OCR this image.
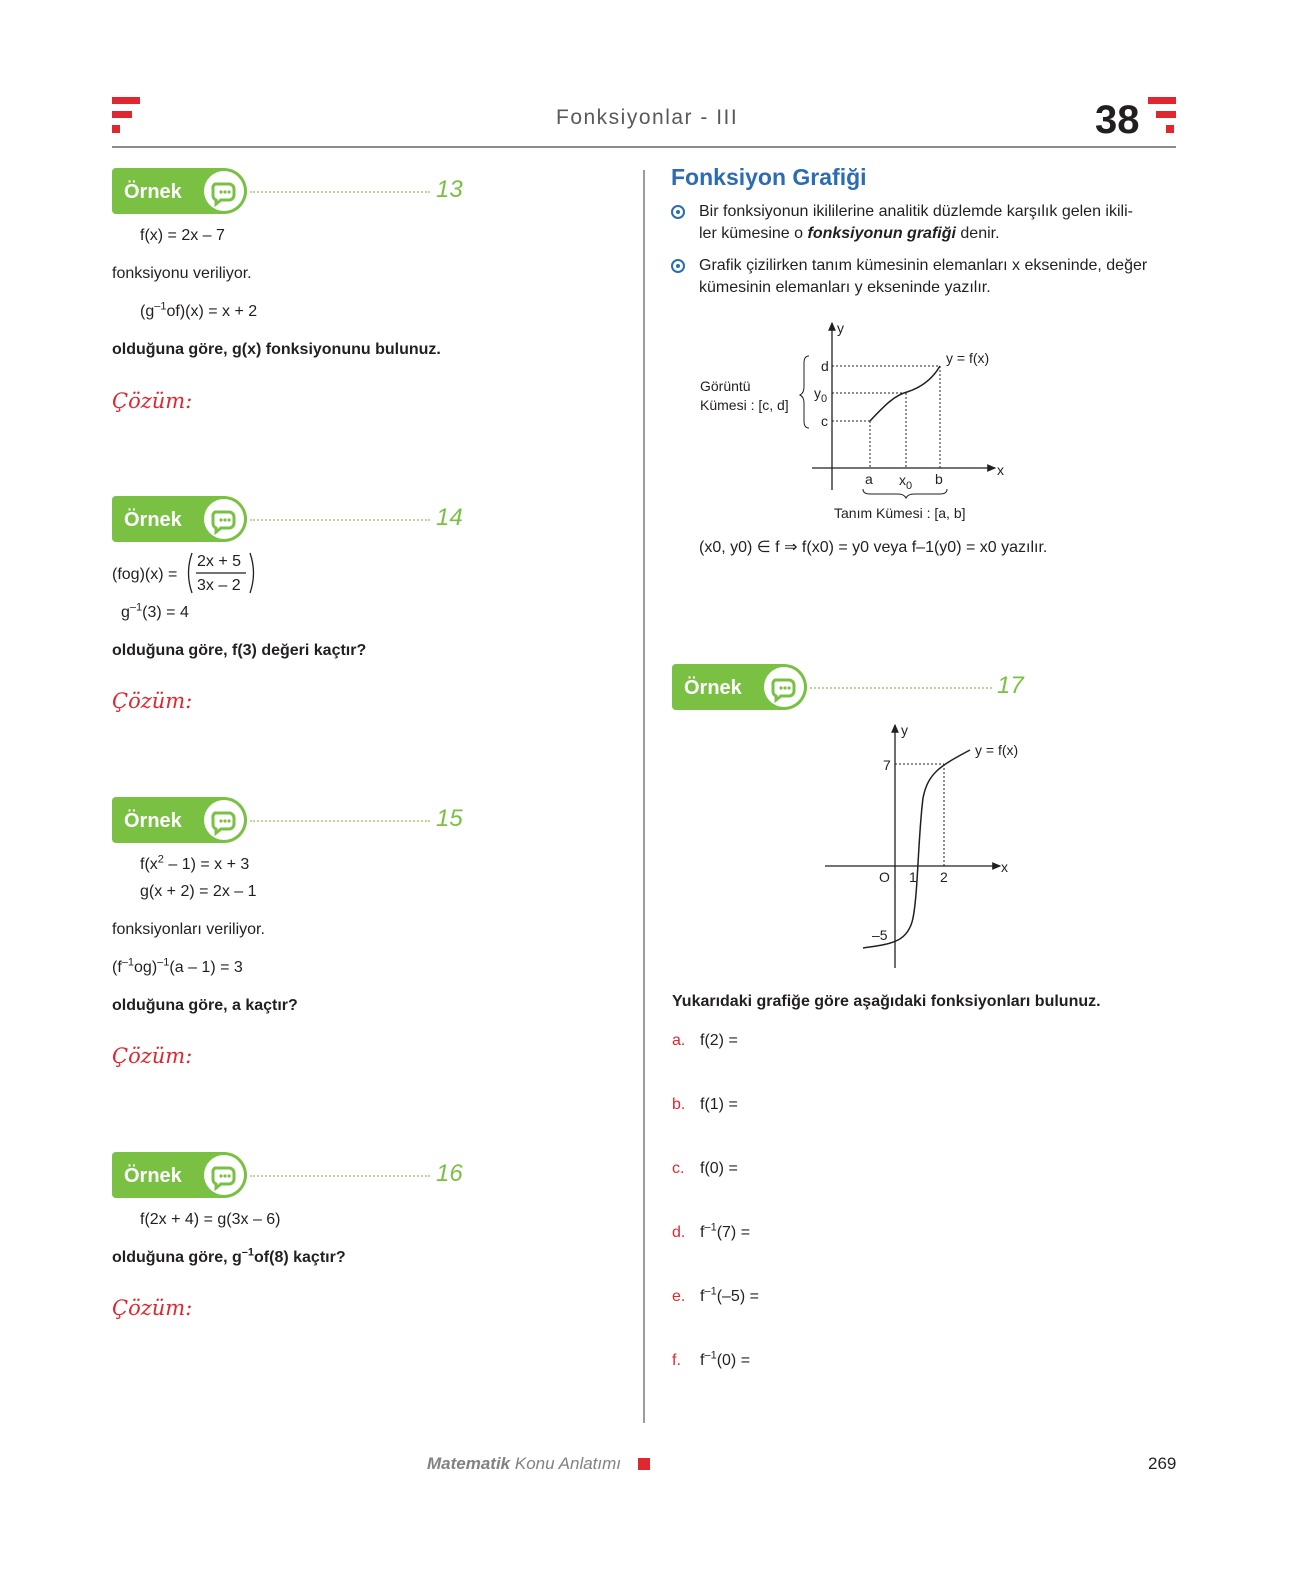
Fonksiyonlar - III	38
Örnek	13
f(x) = 2x – 7
fonksiyonu veriliyor.
$(g^{-1}of)(x) = x + 2$
olduğuna göre, g(x) fonksiyonunu bulunuz.
Çözüm:
Örnek	14
(fog)(x) =
2x + 5
3x – 2
$g^{-1}(3) = 4$
olduğuna göre, f(3) değeri kaçtır?
Çözüm:
Örnek	15
$f(x^2 - 1) = x + 3$
g(x + 2) = 2x – 1
fonksiyonları veriliyor.
$(f^{-1}og)^{-1}(a - 1) = 3$
olduğuna göre, a kaçtır?
Çözüm:
Örnek	16
f(2x + 4) = g(3x – 6)
olduğuna göre, $g^{-1}of(8)$ kaçtır?
Çözüm:
Fonksiyon Grafiği
Bir fonksiyonun ikililerine analitik düzlemde karşılık gelen ikili-
ler kümesine o fonksiyonun grafiği denir.
Grafik çizilirken tanım kümesinin elemanları x ekseninde, değer
kümesinin elemanları y ekseninde yazılır.
y
x
y = f(x)
d
$y_0$
c
a $x_0$ b
Görüntü
Kümesi : [c, d]
Tanım Kümesi : [a, b]
(x0, y0) ∈ f ⇒ f(x0) = y0 veya f–1(y0) = x0 yazılır.
Örnek	17
y
x
y = f(x)
7
–5
O 1 2
Yukarıdaki grafiğe göre aşağıdaki fonksiyonları bulunuz.
a. f(2) =
b. f(1) =
c. f(0) =
d. $f^{-1}(7)$ =
e. $f^{-1}(-5)$ =
f. $f^{-1}(0)$ =
Matematik Konu Anlatımı	269
